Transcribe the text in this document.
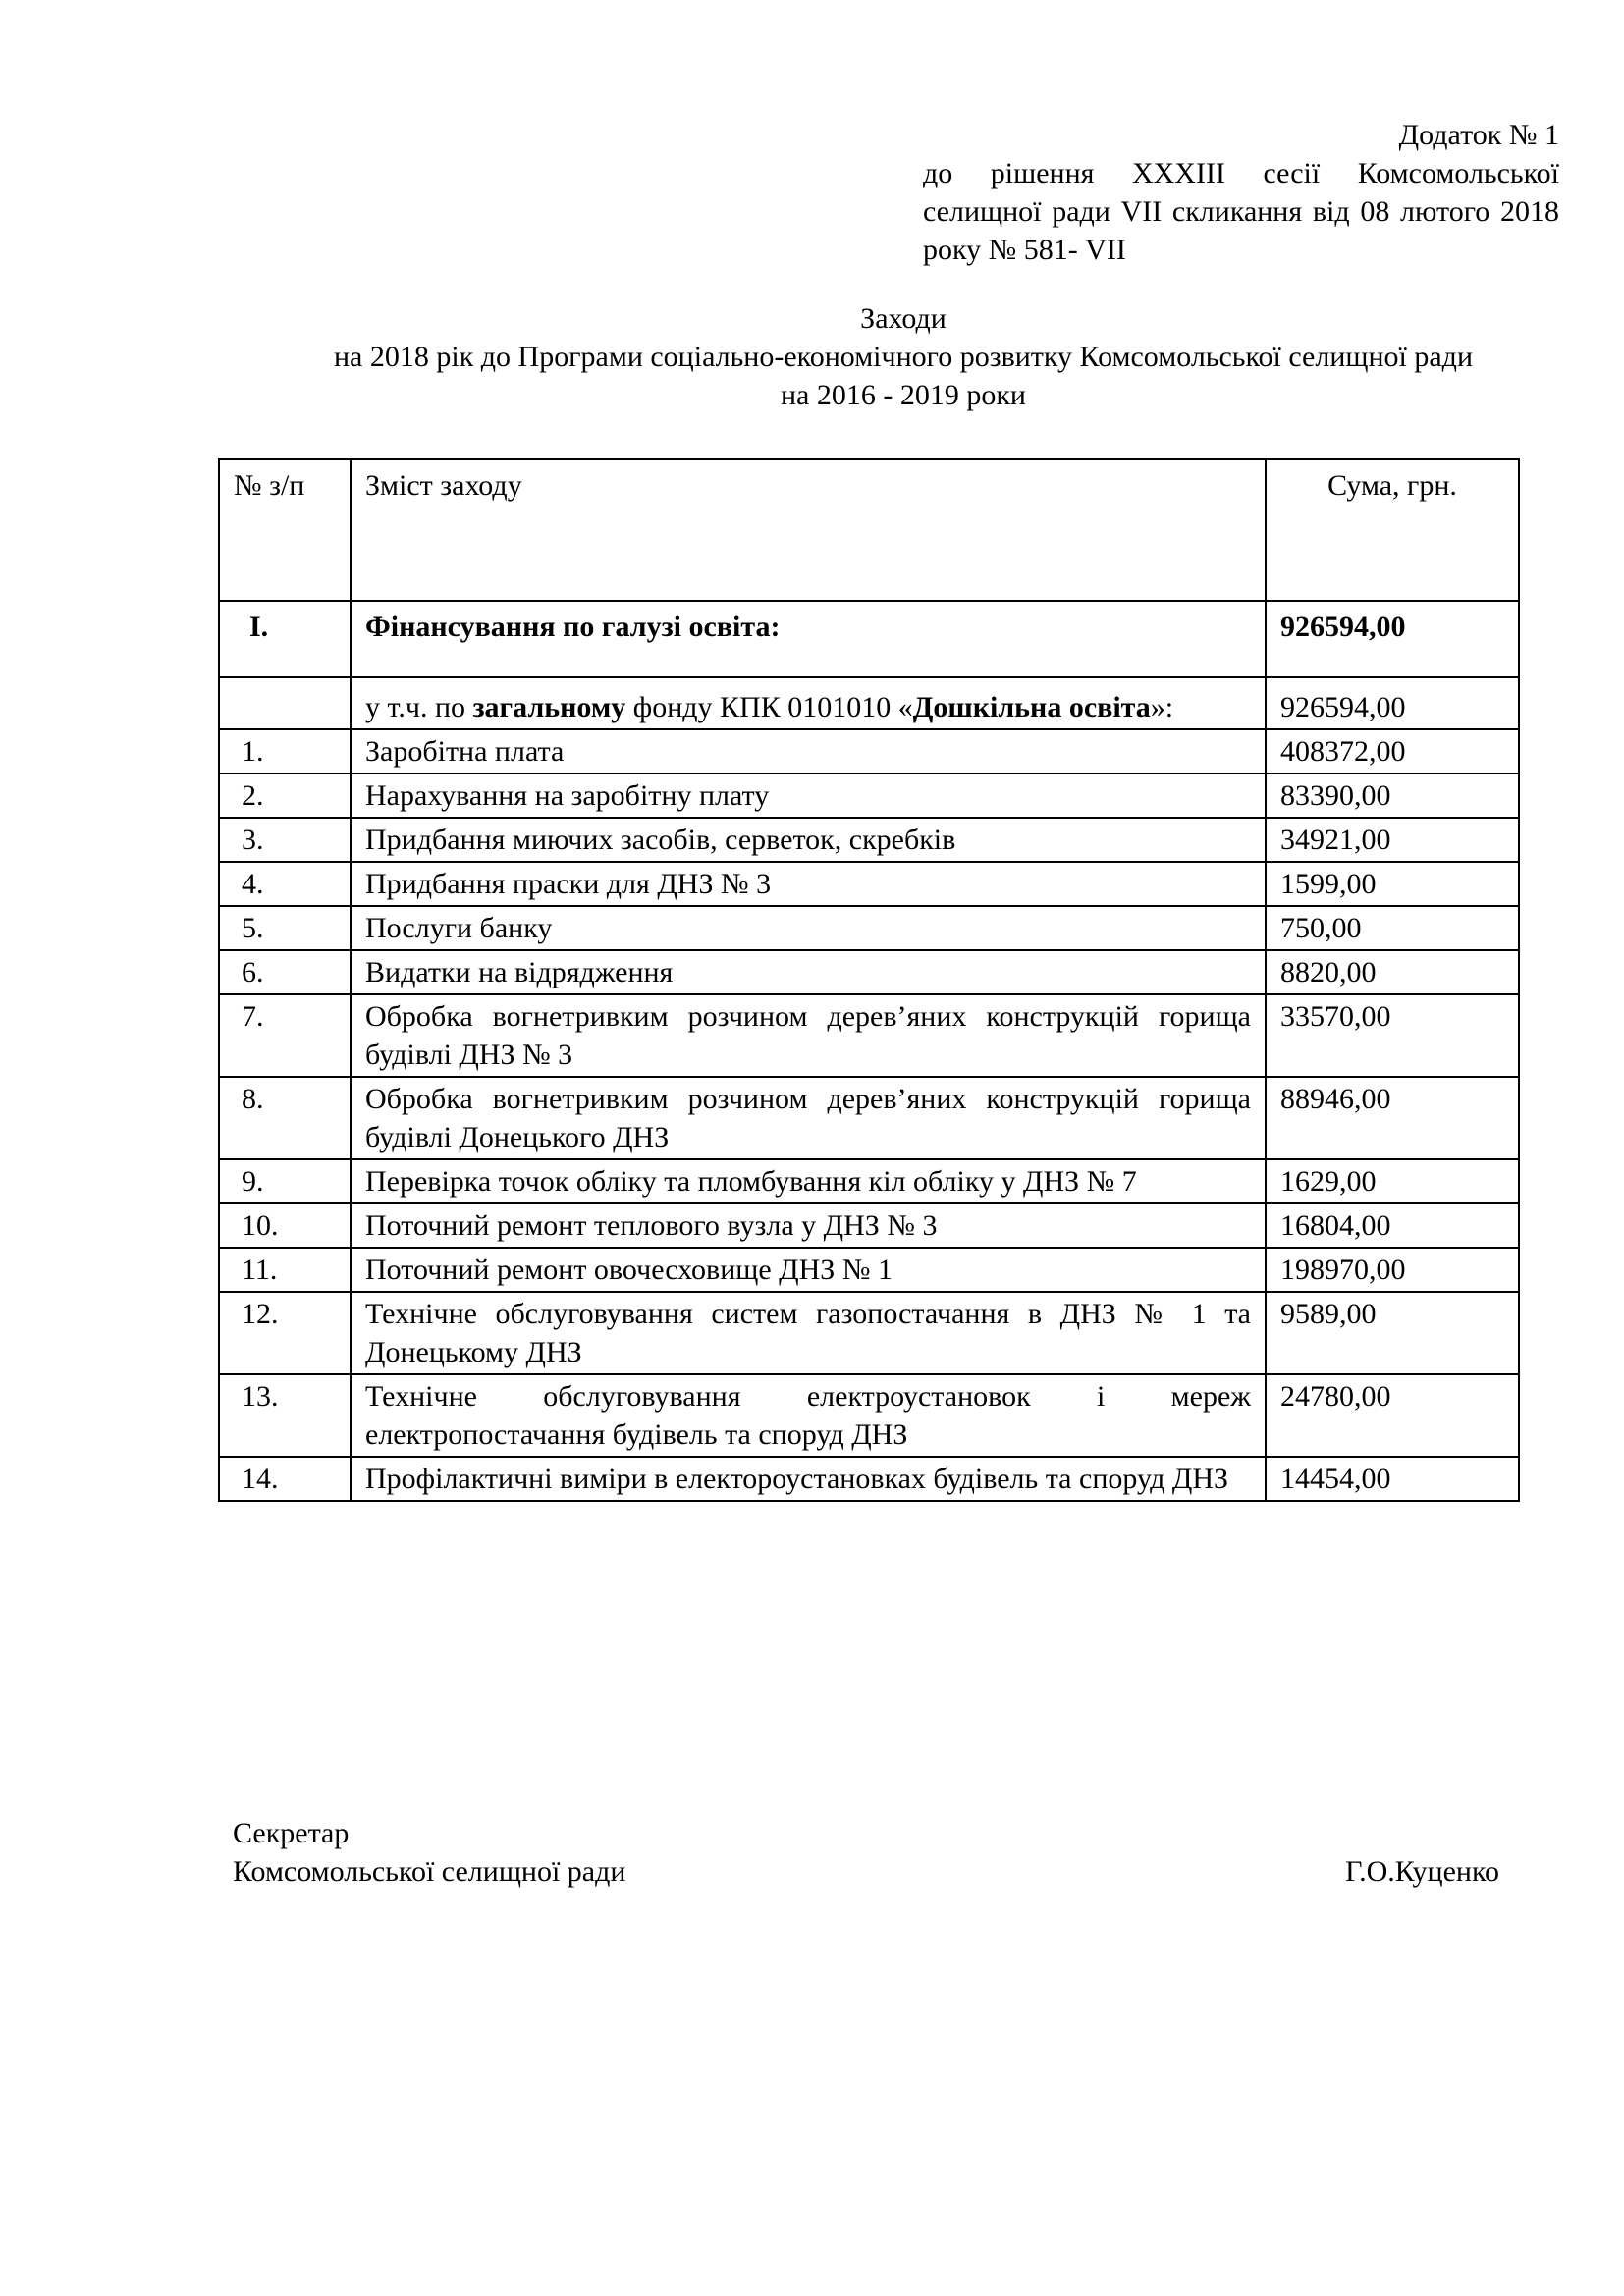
Додаток № 1
до рішення XXXIII сесії Комсомольської селищної ради VII скликання від 08 лютого 2018 року № 581- VII
Заходи
на 2018 рік до Програми соціально-економічного розвитку Комсомольської селищної ради
на 2016 - 2019 роки
№ з/п	Зміст заходу	Сума, грн.
I.	Фінансування по галузі освіта:	926594,00
	у т.ч. по загальному фонду КПК 0101010 «Дошкільна освіта»:	926594,00
1.	Заробітна плата	408372,00
2.	Нарахування на заробітну плату	83390,00
3.	Придбання миючих засобів, серветок, скребків	34921,00
4.	Придбання праски для ДНЗ № 3	1599,00
5.	Послуги банку	750,00
6.	Видатки на відрядження	8820,00
7.	Обробка вогнетривким розчином дерев’яних конструкцій горища будівлі ДНЗ № 3	33570,00
8.	Обробка вогнетривким розчином дерев’яних конструкцій горища будівлі Донецького ДНЗ	88946,00
9.	Перевірка точок обліку та пломбування кіл обліку у ДНЗ № 7	1629,00
10.	Поточний ремонт теплового вузла у ДНЗ № 3	16804,00
11.	Поточний ремонт овочесховище ДНЗ № 1	198970,00
12.	Технічне обслуговування систем газопостачання в ДНЗ № 1 та Донецькому ДНЗ	9589,00
13.	Технічне обслуговування електроустановок і мереж електропостачання будівель та споруд ДНЗ	24780,00
14.	Профілактичні виміри в електороустановках будівель та споруд ДНЗ	14454,00
Г.О.Куценко
Секретар
Комсомольської селищної ради
